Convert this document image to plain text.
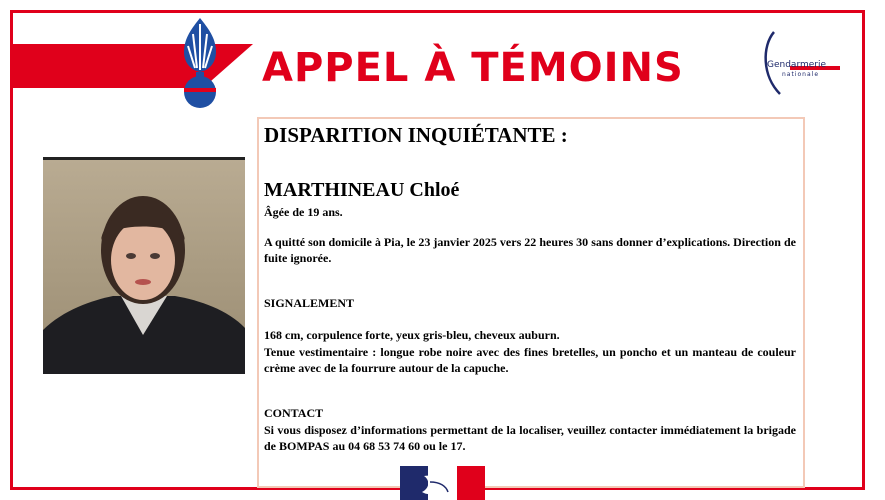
APPEL À TÉMOINS	Gendarmerie
nationale
DISPARITION INQUIÉTANTE :
MARTHINEAU Chloé
Âgée de 19 ans.
A quitté son domicile à Pia, le 23 janvier 2025 vers 22 heures 30 sans donner d’explications. Direction de fuite ignorée.
SIGNALEMENT
168 cm, corpulence forte, yeux gris-bleu, cheveux auburn.
Tenue vestimentaire : longue robe noire avec des fines bretelles, un poncho et un manteau de couleur crème avec de la fourrure autour de la capuche.
CONTACT
Si vous disposez d’informations permettant de la localiser, veuillez contacter immédiatement la brigade de BOMPAS au 04 68 53 74 60 ou le 17.
